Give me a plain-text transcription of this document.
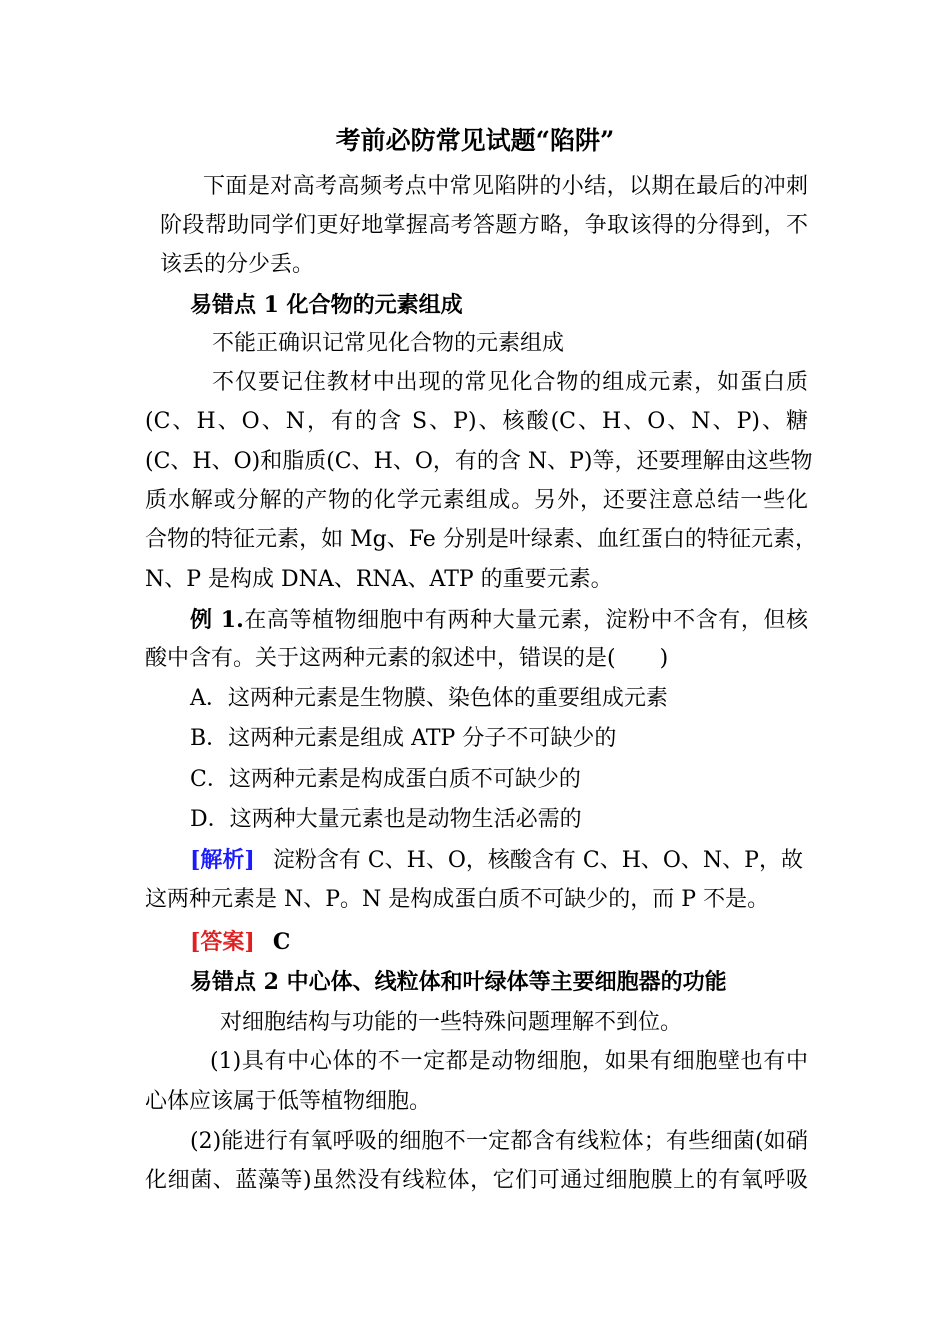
考前必防常见试题“陷阱”
下面是对高考高频考点中常见陷阱的小结，以期在最后的冲刺
阶段帮助同学们更好地掌握高考答题方略，争取该得的分得到，不
该丢的分少丢。
易错点 1 化合物的元素组成
不能正确识记常见化合物的元素组成
不仅要记住教材中出现的常见化合物的组成元素，如蛋白质
(C、H、O、N，有的含 S、P)、核酸(C、H、O、N、P)、糖
(C、H、O)和脂质(C、H、O，有的含 N、P)等，还要理解由这些物
质水解或分解的产物的化学元素组成。另外，还要注意总结一些化
合物的特征元素，如 Mg、Fe 分别是叶绿素、血红蛋白的特征元素，
N、P 是构成 DNA、RNA、ATP 的重要元素。
例 1.在高等植物细胞中有两种大量元素，淀粉中不含有，但核
酸中含有。关于这两种元素的叙述中，错误的是(　　)
A．这两种元素是生物膜、染色体的重要组成元素
B．这两种元素是组成 ATP 分子不可缺少的
C．这两种元素是构成蛋白质不可缺少的
D．这两种大量元素也是动物生活必需的
[解析] 淀粉含有 C、H、O，核酸含有 C、H、O、N、P，故
这两种元素是 N、P。N 是构成蛋白质不可缺少的，而 P 不是。
[答案] C
易错点 2 中心体、线粒体和叶绿体等主要细胞器的功能
对细胞结构与功能的一些特殊问题理解不到位。
(1)具有中心体的不一定都是动物细胞，如果有细胞壁也有中
心体应该属于低等植物细胞。
(2)能进行有氧呼吸的细胞不一定都含有线粒体；有些细菌(如硝
化细菌、蓝藻等)虽然没有线粒体，它们可通过细胞膜上的有氧呼吸
